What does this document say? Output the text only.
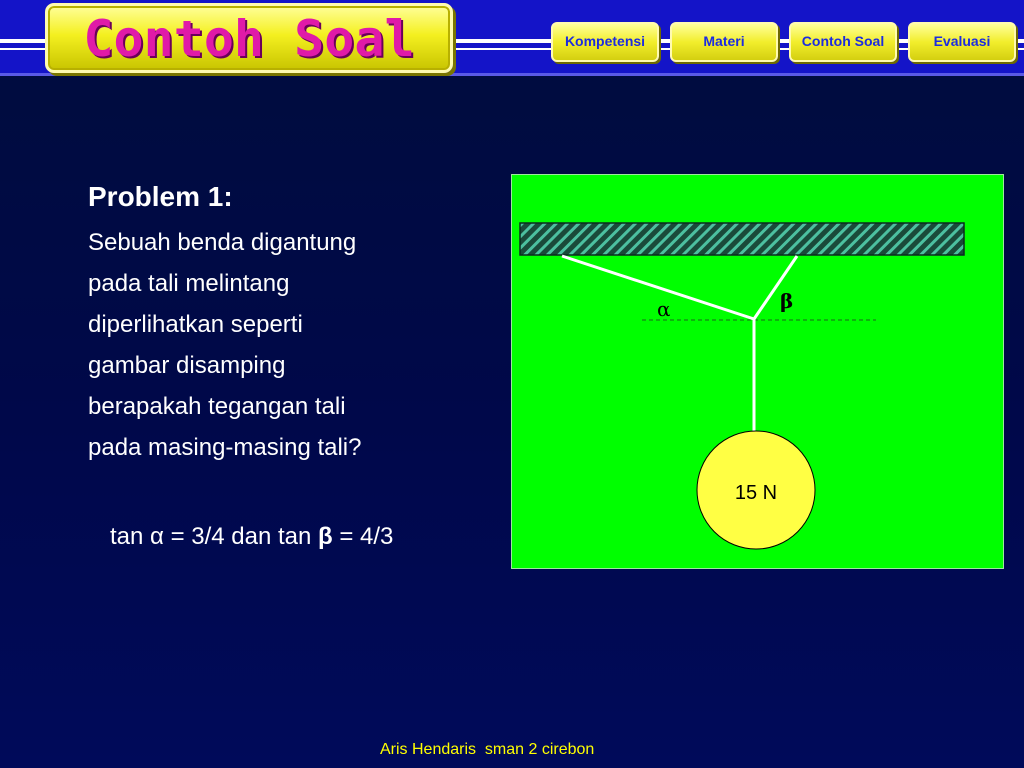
Contoh Soal	Kompetensi	Materi	Contoh Soal	Evaluasi
Problem 1:
Sebuah benda digantung
pada tali melintang
diperlihatkan seperti
gambar disamping
berapakah tegangan tali
pada masing-masing tali?
tan α = 3/4 dan tan β = 4/3
α	β
15 N
Aris Hendaris  sman 2 cirebon
